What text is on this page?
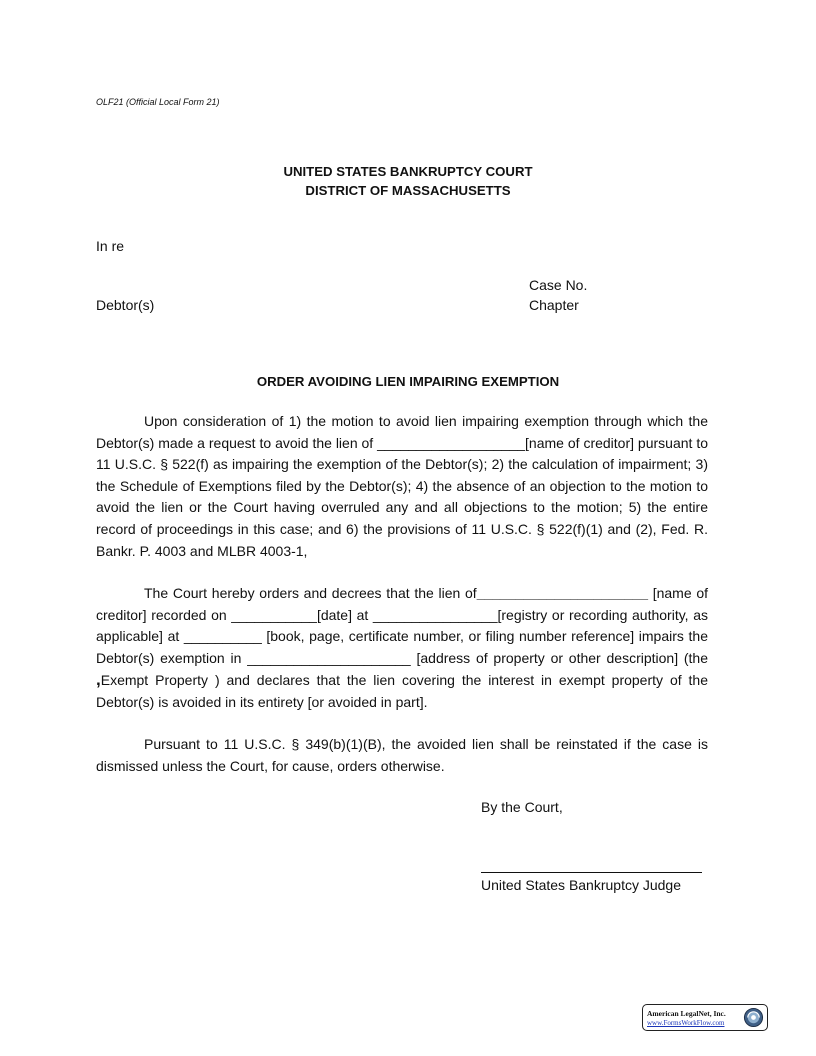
OLF21 (Official Local Form 21)
UNITED STATES BANKRUPTCY COURT
DISTRICT OF MASSACHUSETTS
In re
Case No.
Debtor(s)	Chapter
ORDER AVOIDING LIEN IMPAIRING EXEMPTION
Upon consideration of 1) the motion to avoid lien impairing exemption through which the Debtor(s) made a request to avoid the lien of ___________________[name of creditor] pursuant to 11 U.S.C. § 522(f) as impairing the exemption of the Debtor(s); 2) the calculation of impairment; 3) the Schedule of Exemptions filed by the Debtor(s); 4) the absence of an objection to the motion to avoid the lien or the Court having overruled any and all objections to the motion; 5) the entire record of proceedings in this case; and 6) the provisions of 11 U.S.C. § 522(f)(1) and (2), Fed. R. Bankr. P. 4003 and MLBR 4003-1,
The Court hereby orders and decrees that the lien of______________________ [name of creditor] recorded on ___________[date] at ________________[registry or recording authority, as applicable] at __________ [book, page, certificate number, or filing number reference] impairs the Debtor(s) exemption in _____________________ [address of property or other description] (the ,Exempt Property ) and declares that the lien covering the interest in exempt property of the Debtor(s) is avoided in its entirety [or avoided in part].
Pursuant to 11 U.S.C. § 349(b)(1)(B), the avoided lien shall be reinstated if the case is dismissed unless the Court, for cause, orders otherwise.
By the Court,
United States Bankruptcy Judge
American LegalNet, Inc.
www.FormsWorkFlow.com
